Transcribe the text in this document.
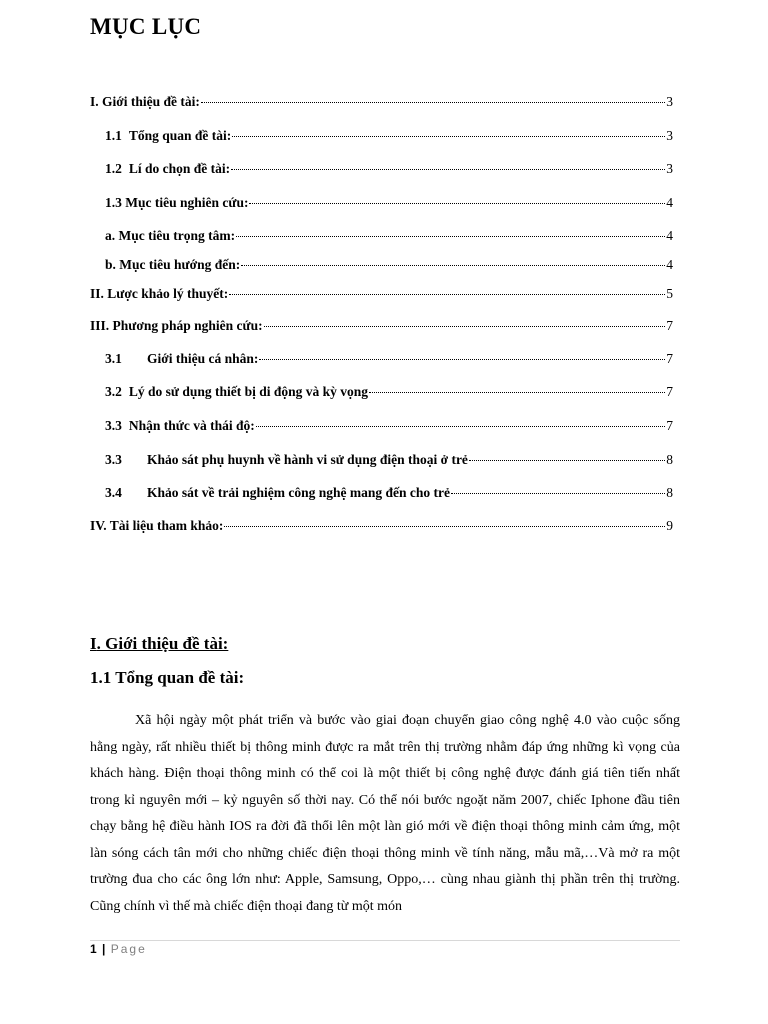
MỤC LỤC
I. Giới thiệu đề tài:	3
1.1 Tổng quan đề tài:	3
1.2 Lí do chọn đề tài:	3
1.3 Mục tiêu nghiên cứu:	4
a. Mục tiêu trọng tâm:	4
b. Mục tiêu hướng đến:	4
II. Lược khảo lý thuyết:	5
III. Phương pháp nghiên cứu:	7
3.1	Giới thiệu cá nhân:	7
3.2 Lý do sử dụng thiết bị di động và kỳ vọng	7
3.3 Nhận thức và thái độ:	7
3.3	Khảo sát phụ huynh về hành vi sử dụng điện thoại ở trẻ	8
3.4	Khảo sát về trải nghiệm công nghệ mang đến cho trẻ	8
IV. Tài liệu tham khảo:	9
I. Giới thiệu đề tài:
1.1 Tổng quan đề tài:

Xã hội ngày một phát triển và bước vào giai đoạn chuyển giao công nghệ 4.0 vào cuộc sống hằng ngày, rất nhiều thiết bị thông minh được ra mắt trên thị trường nhằm đáp ứng những kì vọng của khách hàng. Điện thoại thông minh có thể coi là một thiết bị công nghệ được đánh giá tiên tiến nhất trong kỉ nguyên mới – kỷ nguyên số thời nay. Có thể nói bước ngoặt năm 2007, chiếc Iphone đầu tiên chạy bằng hệ điều hành IOS ra đời đã thổi lên một làn gió mới về điện thoại thông minh cảm ứng, một làn sóng cách tân mới cho những chiếc điện thoại thông minh về tính năng, mẫu mã,…Và mở ra một trường đua cho các ông lớn như: Apple, Samsung, Oppo,… cùng nhau giành thị phần trên thị trường. Cũng chính vì thế mà chiếc điện thoại đang từ một món

1 | Page
